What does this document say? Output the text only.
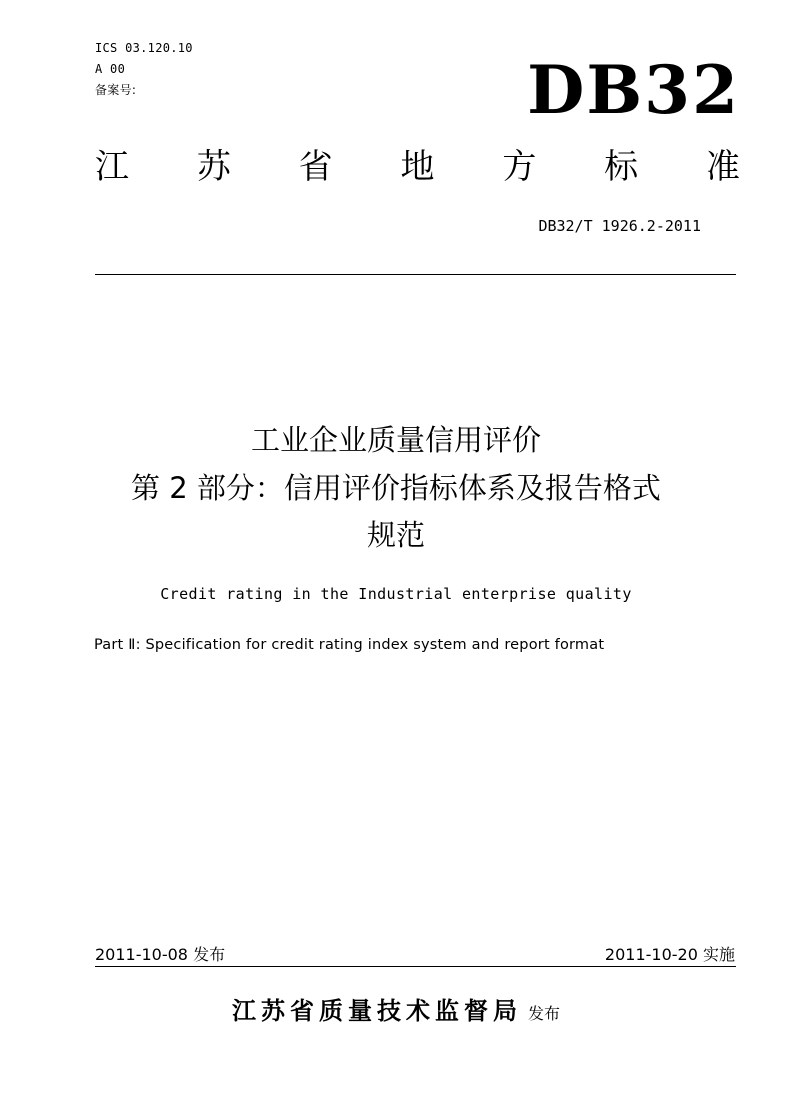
ICS 03.120.10
A 00
备案号:	DB32
江 苏 省 地 方 标 准
DB32/T 1926.2-2011
工业企业质量信用评价
第 2 部分：信用评价指标体系及报告格式
规范
Credit rating in the Industrial enterprise quality
Part Ⅱ: Specification for credit rating index system and report format
2011-10-08 发布	2011-10-20 实施
江苏省质量技术监督局 发布
